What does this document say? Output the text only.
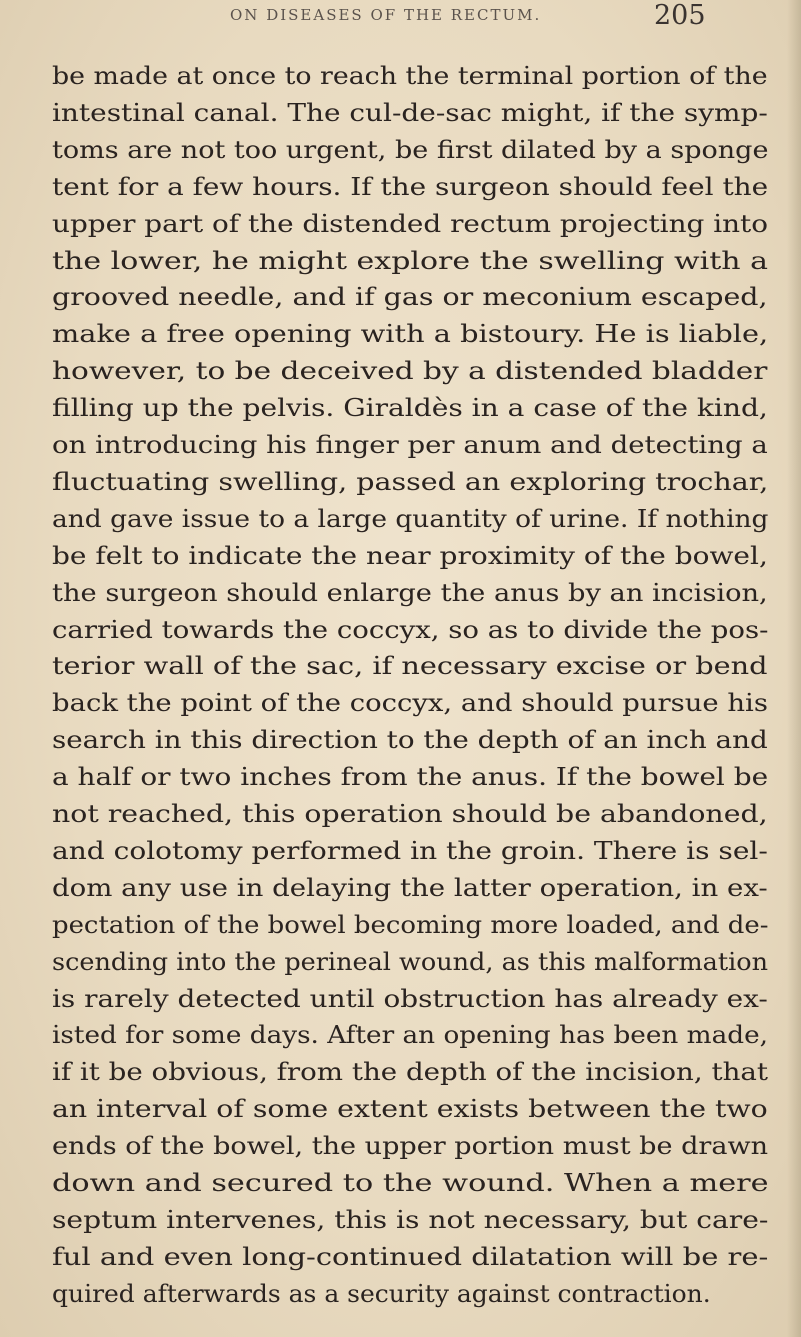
ON DISEASES OF THE RECTUM.	205
be made at once to reach the terminal portion of the
intestinal canal. The cul-de-sac might, if the symp-
toms are not too urgent, be first dilated by a sponge
tent for a few hours. If the surgeon should feel the
upper part of the distended rectum projecting into
the lower, he might explore the swelling with a
grooved needle, and if gas or meconium escaped,
make a free opening with a bistoury. He is liable,
however, to be deceived by a distended bladder
filling up the pelvis. Giraldès in a case of the kind,
on introducing his finger per anum and detecting a
fluctuating swelling, passed an exploring trochar,
and gave issue to a large quantity of urine. If nothing
be felt to indicate the near proximity of the bowel,
the surgeon should enlarge the anus by an incision,
carried towards the coccyx, so as to divide the pos-
terior wall of the sac, if necessary excise or bend
back the point of the coccyx, and should pursue his
search in this direction to the depth of an inch and
a half or two inches from the anus. If the bowel be
not reached, this operation should be abandoned,
and colotomy performed in the groin. There is sel-
dom any use in delaying the latter operation, in ex-
pectation of the bowel becoming more loaded, and de-
scending into the perineal wound, as this malformation
is rarely detected until obstruction has already ex-
isted for some days. After an opening has been made,
if it be obvious, from the depth of the incision, that
an interval of some extent exists between the two
ends of the bowel, the upper portion must be drawn
down and secured to the wound. When a mere
septum intervenes, this is not necessary, but care-
ful and even long-continued dilatation will be re-
quired afterwards as a security against contraction.
